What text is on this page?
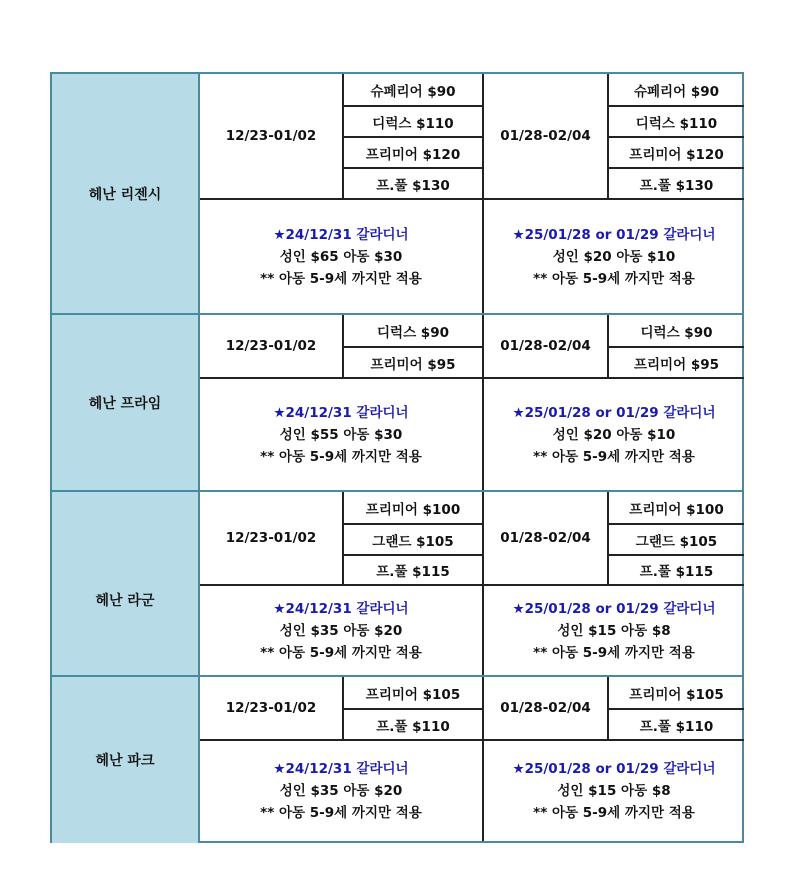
헤난 리젠시
12/23-01/02
슈페리어 $90
디럭스 $110
프리미어 $120
프.풀 $130
01/28-02/04
슈페리어 $90
디럭스 $110
프리미어 $120
프.풀 $130
★24/12/31 갈라디너
성인 $65 아동 $30
** 아동 5-9세 까지만 적용
★25/01/28 or 01/29 갈라디너
성인 $20 아동 $10
** 아동 5-9세 까지만 적용
헤난 프라임
12/23-01/02
디럭스 $90
프리미어 $95
01/28-02/04
디럭스 $90
프리미어 $95
★24/12/31 갈라디너
성인 $55 아동 $30
** 아동 5-9세 까지만 적용
★25/01/28 or 01/29 갈라디너
성인 $20 아동 $10
** 아동 5-9세 까지만 적용
헤난 라군
12/23-01/02
프리미어 $100
그랜드 $105
프.풀 $115
01/28-02/04
프리미어 $100
그랜드 $105
프.풀 $115
★24/12/31 갈라디너
성인 $35 아동 $20
** 아동 5-9세 까지만 적용
★25/01/28 or 01/29 갈라디너
성인 $15 아동 $8
** 아동 5-9세 까지만 적용
헤난 파크
12/23-01/02
프리미어 $105
프.풀 $110
01/28-02/04
프리미어 $105
프.풀 $110
★24/12/31 갈라디너
성인 $35 아동 $20
** 아동 5-9세 까지만 적용
★25/01/28 or 01/29 갈라디너
성인 $15 아동 $8
** 아동 5-9세 까지만 적용
